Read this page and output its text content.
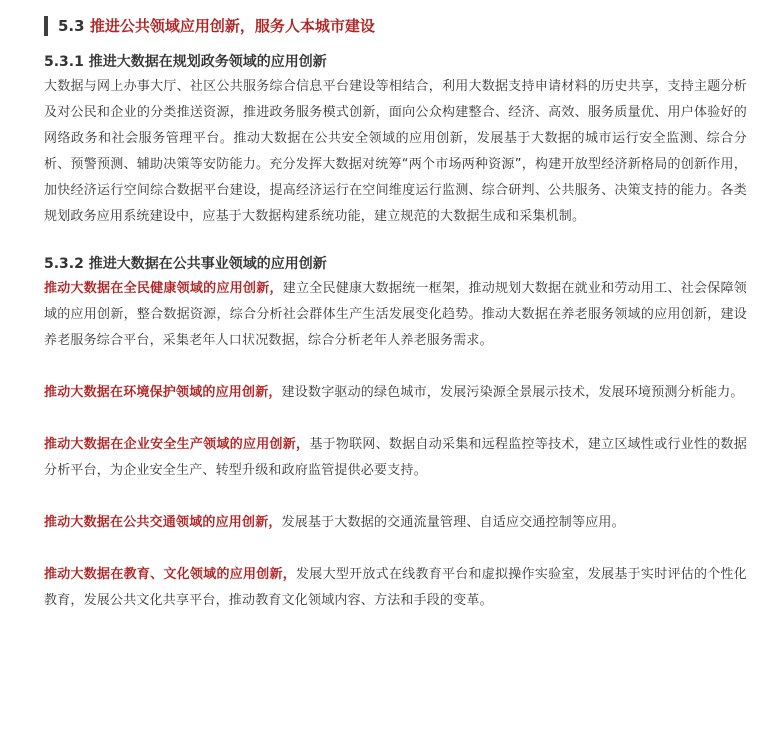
5.3 推进公共领域应用创新，服务人本城市建设
5.3.1 推进大数据在规划政务领域的应用创新

大数据与网上办事大厅、社区公共服务综合信息平台建设等相结合，利用大数据支持申请材料的历史共享，支持主题分析及对公民和企业的分类推送资源，推进政务服务模式创新，面向公众构建整合、经济、高效、服务质量优、用户体验好的网络政务和社会服务管理平台。推动大数据在公共安全领域的应用创新，发展基于大数据的城市运行安全监测、综合分析、预警预测、辅助决策等安防能力。充分发挥大数据对统筹“两个市场两种资源”，构建开放型经济新格局的创新作用，加快经济运行空间综合数据平台建设，提高经济运行在空间维度运行监测、综合研判、公共服务、决策支持的能力。各类规划政务应用系统建设中，应基于大数据构建系统功能，建立规范的大数据生成和采集机制。

5.3.2 推进大数据在公共事业领域的应用创新

推动大数据在全民健康领域的应用创新，建立全民健康大数据统一框架，推动规划大数据在就业和劳动用工、社会保障领域的应用创新，整合数据资源，综合分析社会群体生产生活发展变化趋势。推动大数据在养老服务领域的应用创新，建设养老服务综合平台，采集老年人口状况数据，综合分析老年人养老服务需求。

推动大数据在环境保护领域的应用创新，建设数字驱动的绿色城市，发展污染源全景展示技术，发展环境预测分析能力。

推动大数据在企业安全生产领域的应用创新，基于物联网、数据自动采集和远程监控等技术，建立区域性或行业性的数据分析平台，为企业安全生产、转型升级和政府监管提供必要支持。

推动大数据在公共交通领域的应用创新，发展基于大数据的交通流量管理、自适应交通控制等应用。

推动大数据在教育、文化领域的应用创新，发展大型开放式在线教育平台和虚拟操作实验室，发展基于实时评估的个性化教育，发展公共文化共享平台，推动教育文化领域内容、方法和手段的变革。
